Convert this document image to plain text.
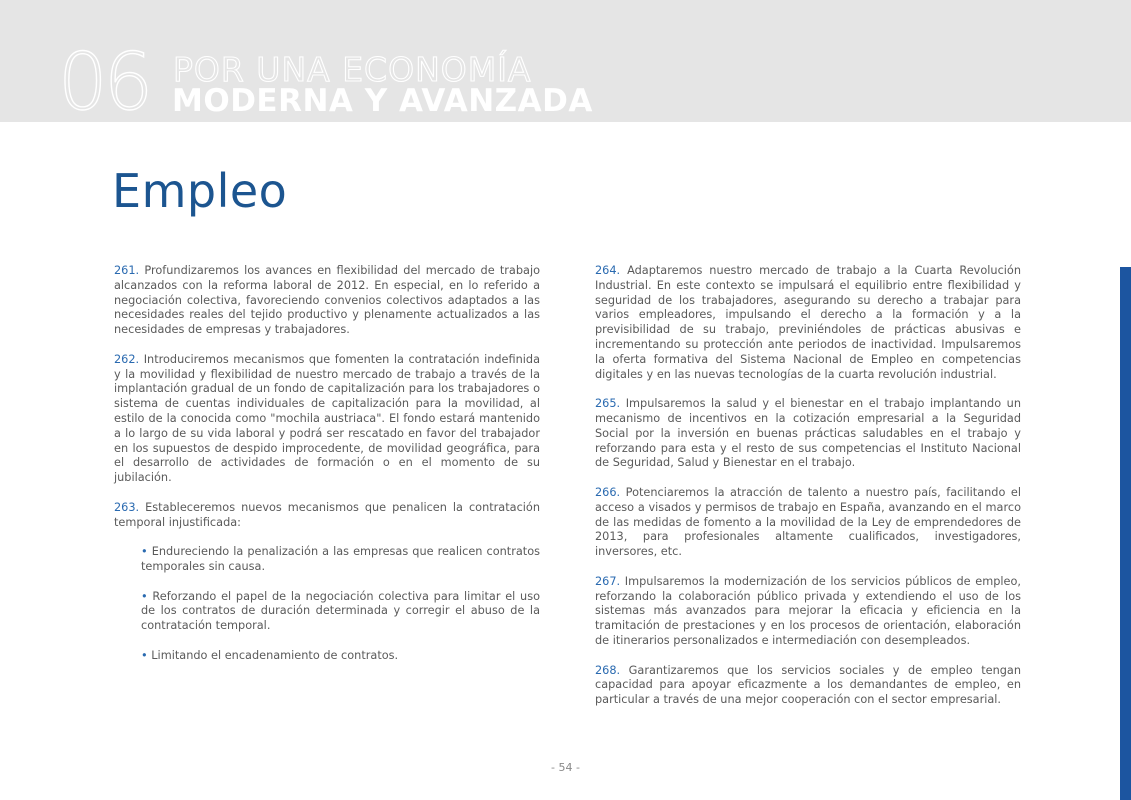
06 POR UNA ECONOMÍA
MODERNA Y AVANZADA
Empleo

261. Profundizaremos los avances en flexibilidad del mercado de trabajo alcanzados con la reforma laboral de 2012. En especial, en lo referido a negociación colectiva, favoreciendo convenios colectivos adaptados a las necesidades reales del tejido productivo y plenamente actualizados a las necesidades de empresas y trabajadores.

262. Introduciremos mecanismos que fomenten la contratación indefinida y la movilidad y flexibilidad de nuestro mercado de trabajo a través de la implantación gradual de un fondo de capitalización para los trabajadores o sistema de cuentas individuales de capitalización para la movilidad, al estilo de la conocida como "mochila austriaca". El fondo estará mantenido a lo largo de su vida laboral y podrá ser rescatado en favor del trabajador en los supuestos de despido improcedente, de movilidad geográfica, para el desarrollo de actividades de formación o en el momento de su jubilación.

263. Estableceremos nuevos mecanismos que penalicen la contratación temporal injustificada:

• Endureciendo la penalización a las empresas que realicen contratos temporales sin causa.
• Reforzando el papel de la negociación colectiva para limitar el uso de los contratos de duración determinada y corregir el abuso de la contratación temporal.
• Limitando el encadenamiento de contratos.

264. Adaptaremos nuestro mercado de trabajo a la Cuarta Revolución Industrial. En este contexto se impulsará el equilibrio entre flexibilidad y seguridad de los trabajadores, asegurando su derecho a trabajar para varios empleadores, impulsando el derecho a la formación y a la previsibilidad de su trabajo, previniéndoles de prácticas abusivas e incrementando su protección ante periodos de inactividad. Impulsaremos la oferta formativa del Sistema Nacional de Empleo en competencias digitales y en las nuevas tecnologías de la cuarta revolución industrial.

265. Impulsaremos la salud y el bienestar en el trabajo implantando un mecanismo de incentivos en la cotización empresarial a la Seguridad Social por la inversión en buenas prácticas saludables en el trabajo y reforzando para esta y el resto de sus competencias el Instituto Nacional de Seguridad, Salud y Bienestar en el trabajo.

266. Potenciaremos la atracción de talento a nuestro país, facilitando el acceso a visados y permisos de trabajo en España, avanzando en el marco de las medidas de fomento a la movilidad de la Ley de emprendedores de 2013, para profesionales altamente cualificados, investigadores, inversores, etc.

267. Impulsaremos la modernización de los servicios públicos de empleo, reforzando la colaboración público privada y extendiendo el uso de los sistemas más avanzados para mejorar la eficacia y eficiencia en la tramitación de prestaciones y en los procesos de orientación, elaboración de itinerarios personalizados e intermediación con desempleados.

268. Garantizaremos que los servicios sociales y de empleo tengan capacidad para apoyar eficazmente a los demandantes de empleo, en particular a través de una mejor cooperación con el sector empresarial.

- 54 -
